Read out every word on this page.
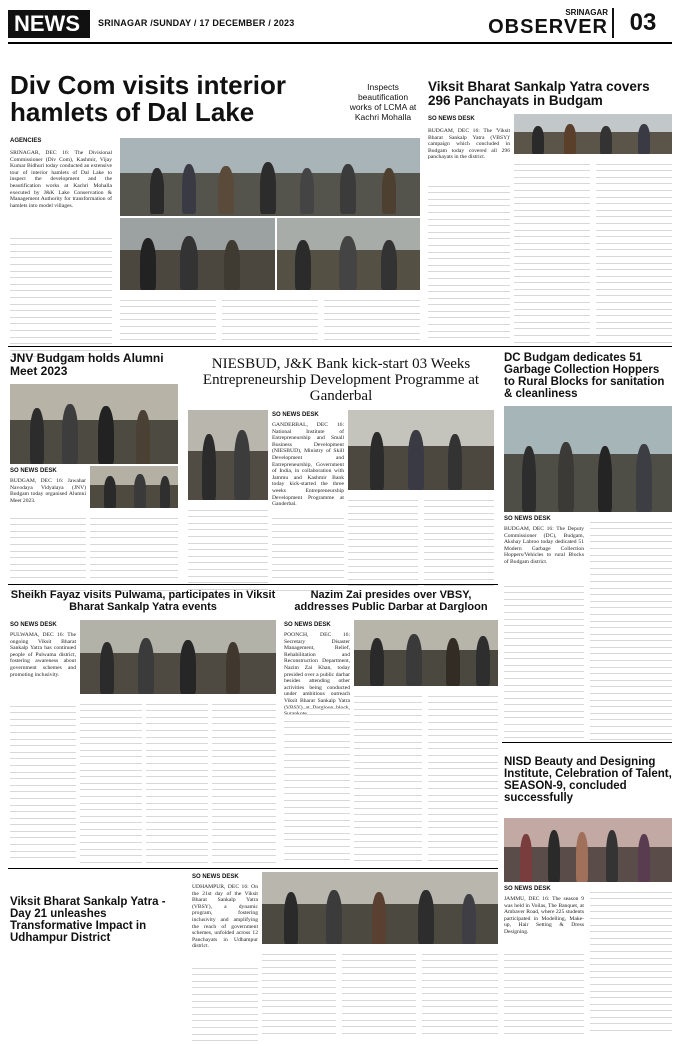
NEWS	SRINAGAR /SUNDAY / 17 DECEMBER / 2023
SRINAGAR
OBSERVER 03
Div Com visits interior hamlets of Dal Lake
Inspects beautification works of LCMA at Kachri Mohalla
AGENCIES
SRINAGAR, DEC 16: The Divisional Commissioner (Div Com), Kashmir, Vijay Kumar Bidhuri today conducted an extensive tour of interior hamlets of Dal Lake to inspect the development and the beautification works at Kachri Mohalla executed by J&K Lake Conservation & Management Authority for transformation of hamlets into model villages.
Viksit Bharat Sankalp Yatra covers 296 Panchayats in Budgam
SO NEWS DESK
BUDGAM, DEC 16: The 'Viksit Bharat Sankalp Yatra (VBSY)' campaign which concluded in Budgam today covered all 296 panchayats in the district.
JNV Budgam holds Alumni Meet 2023
SO NEWS DESK
BUDGAM, DEC 16: Jawahar Navodaya Vidyalaya (JNV) Budgam today organised Alumni Meet 2023.
NIESBUD, J&K Bank kick-start 03 Weeks Entrepreneurship Development Programme at Ganderbal
SO NEWS DESK
GANDERBAL, DEC 16: National Institute of Entrepreneurship and Small Business Development (NIESBUD), Ministry of Skill Development and Entrepreneurship, Government of India, in collaboration with Jammu and Kashmir Bank today kick-started the three weeks Entrepreneurship Development Programme at Ganderbal.
DC Budgam dedicates 51 Garbage Collection Hoppers to Rural Blocks for sanitation & cleanliness
SO NEWS DESK
BUDGAM, DEC 16: The Deputy Commissioner (DC), Budgam, Akshay Labroo today dedicated 51 Modern Garbage Collection Hoppers/Vehicles to rural Blocks of Budgam district.
Sheikh Fayaz visits Pulwama, participates in Viksit Bharat Sankalp Yatra events
SO NEWS DESK
PULWAMA, DEC 16: The ongoing Viksit Bharat Sankalp Yatra has continued people of Pulwama district, fostering awareness about government schemes and promoting inclusivity.
Nazim Zai presides over VBSY, addresses Public Darbar at Dargloon
SO NEWS DESK
POONCH, DEC 16: Secretary Disaster Management, Relief, Rehabilitation and Reconstruction Department, Nazim Zai Khan, today presided over a public darbar besides attending other activities being conducted under ambitious outreach Viksit Bharat Sankalp Yatra (VBSY) at Dargloon block, Surankote.
NISD Beauty and Designing Institute, Celebration of Talent, SEASON-9, concluded successfully
SO NEWS DESK
JAMMU, DEC 16: The season 9 was held in Voilas, The Banquet, at Ambaver Road, where 225 students participated in Modelling, Make-up, Hair Setting & Dress Designing.
Viksit Bharat Sankalp Yatra - Day 21 unleashes Transformative Impact in Udhampur District
SO NEWS DESK
UDHAMPUR, DEC 16: On the 21st day of the Viksit Bharat Sankalp Yatra (VBSY), a dynamic program, fostering inclusivity and amplifying the reach of government schemes, unfolded across 12 Panchayats in Udhampur district.
